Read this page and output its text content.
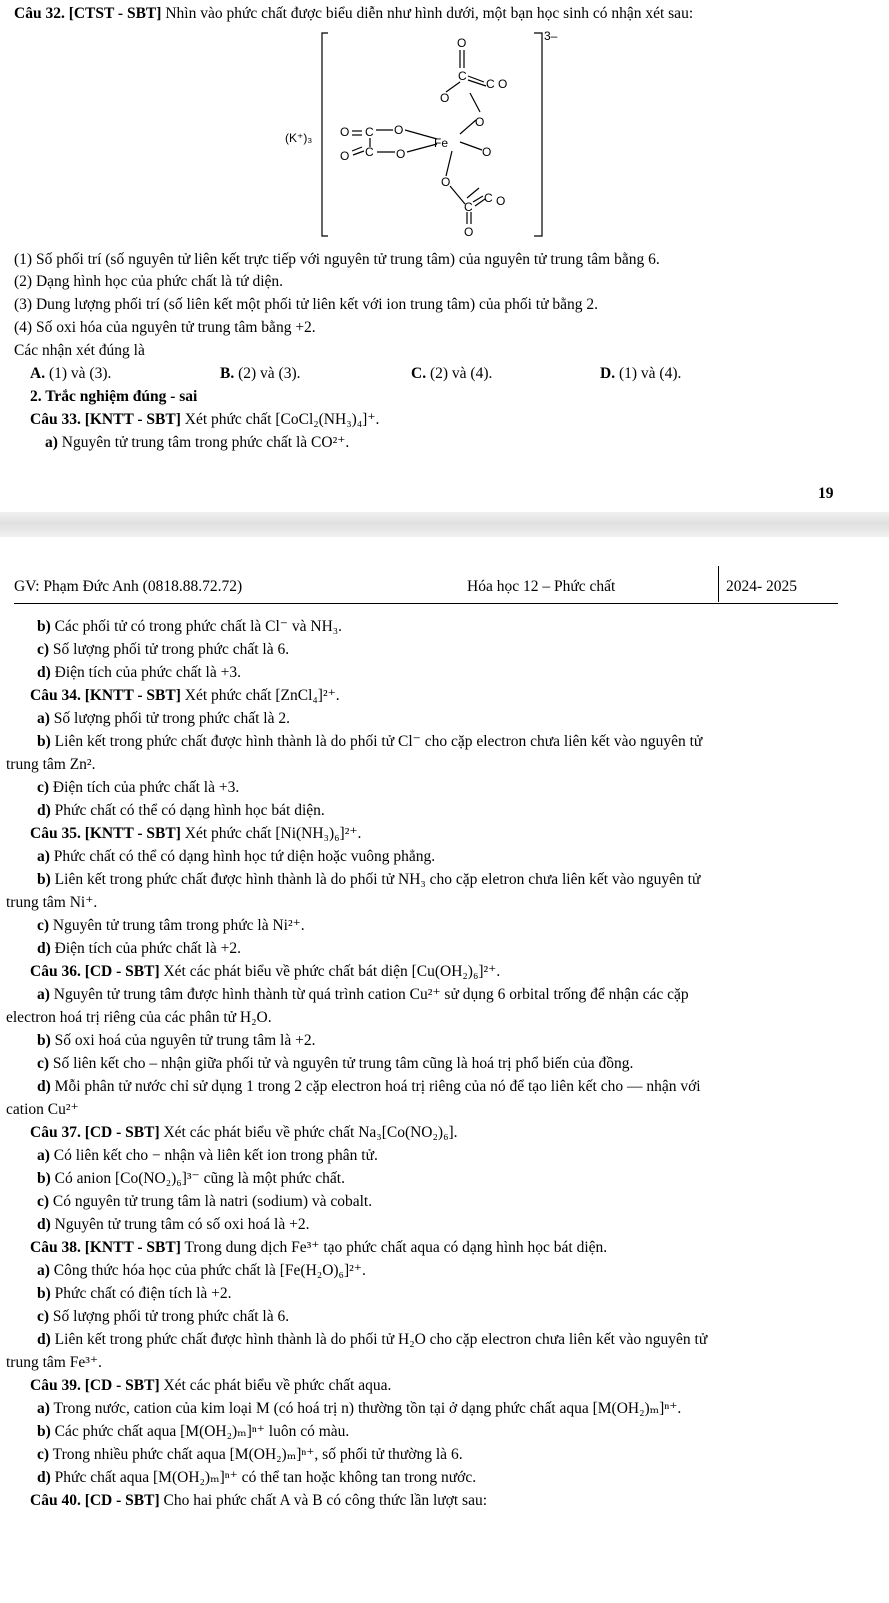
Câu 32. [CTST - SBT] Nhìn vào phức chất được biểu diễn như hình dưới, một bạn học sinh có nhận xét sau:
(K⁺)₃
3–
Fe
O C O
O C O
O
C
O
C O
O
O
O
C
C O
O
(1) Số phối trí (số nguyên tử liên kết trực tiếp với nguyên tử trung tâm) của nguyên tử trung tâm bằng 6.
(2) Dạng hình học của phức chất là tứ diện.
(3) Dung lượng phối trí (số liên kết một phối tử liên kết với ion trung tâm) của phối tử bằng 2.
(4) Số oxi hóa của nguyên tử trung tâm bằng +2.
Các nhận xét đúng là
A. (1) và (3).	B. (2) và (3).	C. (2) và (4).	D. (1) và (4).
2. Trắc nghiệm đúng - sai
Câu 33. [KNTT - SBT] Xét phức chất [CoCl₂(NH₃)₄]⁺.
a) Nguyên tử trung tâm trong phức chất là CO²⁺.
19
GV: Phạm Đức Anh (0818.88.72.72)	Hóa học 12 – Phức chất	2024- 2025
b) Các phối tử có trong phức chất là Cl⁻ và NH₃.
c) Số lượng phối tử trong phức chất là 6.
d) Điện tích của phức chất là +3.
Câu 34. [KNTT - SBT] Xét phức chất [ZnCl₄]²⁺.
a) Số lượng phối tử trong phức chất là 2.
b) Liên kết trong phức chất được hình thành là do phối tử Cl⁻ cho cặp electron chưa liên kết vào nguyên tử
trung tâm Zn².
c) Điện tích của phức chất là +3.
d) Phức chất có thể có dạng hình học bát diện.
Câu 35. [KNTT - SBT] Xét phức chất [Ni(NH₃)₆]²⁺.
a) Phức chất có thể có dạng hình học tứ diện hoặc vuông phẳng.
b) Liên kết trong phức chất được hình thành là do phối tử NH₃ cho cặp eletron chưa liên kết vào nguyên tử
trung tâm Ni⁺.
c) Nguyên tử trung tâm trong phức là Ni²⁺.
d) Điện tích của phức chất là +2.
Câu 36. [CD - SBT] Xét các phát biểu về phức chất bát diện [Cu(OH₂)₆]²⁺.
a) Nguyên tử trung tâm được hình thành từ quá trình cation Cu²⁺ sử dụng 6 orbital trống để nhận các cặp
electron hoá trị riêng của các phân tử H₂O.
b) Số oxi hoá của nguyên tử trung tâm là +2.
c) Số liên kết cho – nhận giữa phối tử và nguyên tử trung tâm cũng là hoá trị phổ biến của đồng.
d) Mỗi phân tử nước chỉ sử dụng 1 trong 2 cặp electron hoá trị riêng của nó để tạo liên kết cho — nhận với
cation Cu²⁺
Câu 37. [CD - SBT] Xét các phát biểu về phức chất Na₃[Co(NO₂)₆].
a) Có liên kết cho − nhận và liên kết ion trong phân tử.
b) Có anion [Co(NO₂)₆]³⁻ cũng là một phức chất.
c) Có nguyên tử trung tâm là natri (sodium) và cobalt.
d) Nguyên tử trung tâm có số oxi hoá là +2.
Câu 38. [KNTT - SBT] Trong dung dịch Fe³⁺ tạo phức chất aqua có dạng hình học bát diện.
a) Công thức hóa học của phức chất là [Fe(H₂O)₆]²⁺.
b) Phức chất có điện tích là +2.
c) Số lượng phối tử trong phức chất là 6.
d) Liên kết trong phức chất được hình thành là do phối tử H₂O cho cặp electron chưa liên kết vào nguyên tử
trung tâm Fe³⁺.
Câu 39. [CD - SBT] Xét các phát biểu về phức chất aqua.
a) Trong nước, cation của kim loại M (có hoá trị n) thường tồn tại ở dạng phức chất aqua [M(OH₂)ₘ]ⁿ⁺.
b) Các phức chất aqua [M(OH₂)ₘ]ⁿ⁺ luôn có màu.
c) Trong nhiều phức chất aqua [M(OH₂)ₘ]ⁿ⁺, số phối tử thường là 6.
d) Phức chất aqua [M(OH₂)ₘ]ⁿ⁺ có thể tan hoặc không tan trong nước.
Câu 40. [CD - SBT] Cho hai phức chất A và B có công thức lần lượt sau:
